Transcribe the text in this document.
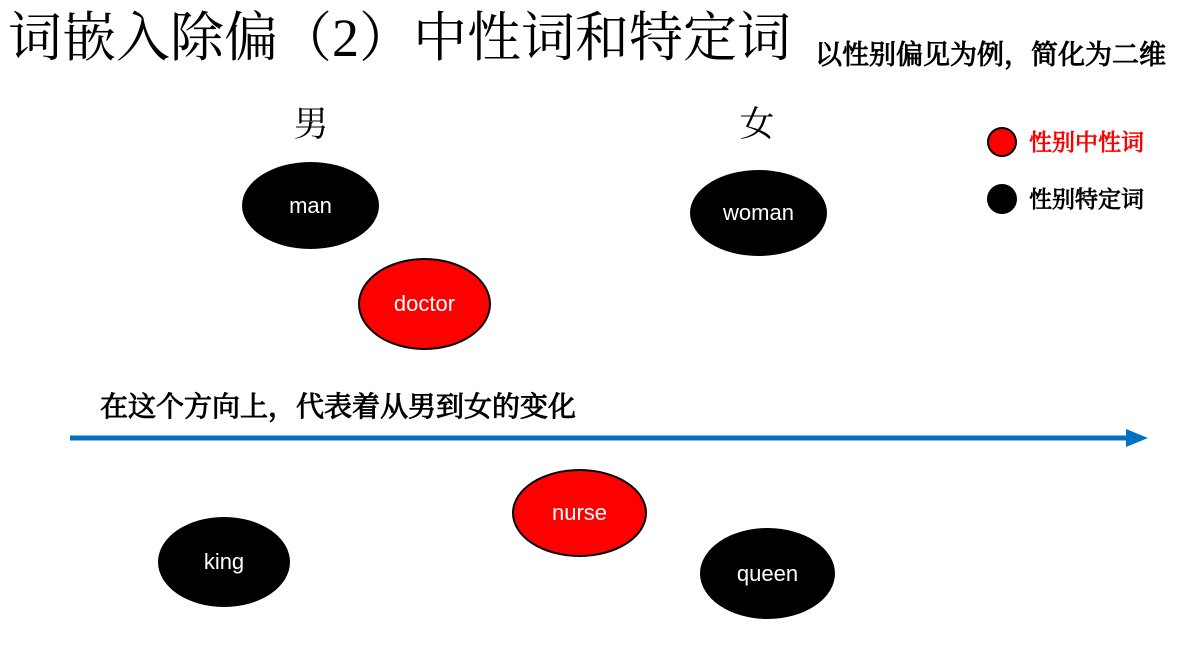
词嵌入除偏（2）中性词和特定词 以性别偏见为例，简化为二维
男	女	性别中性词
性别特定词
man	woman
doctor
nurse
king	queen
在这个方向上，代表着从男到女的变化
